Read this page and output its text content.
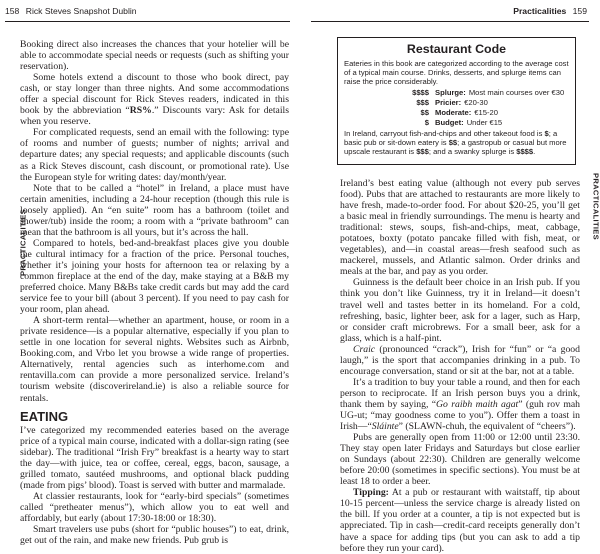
158 Rick Steves Snapshot Dublin	Practicalities 159
PRACTICALITIES
PRACTICALITIES

Booking direct also increases the chances that your hotelier will be able to accommodate special needs or requests (such as shifting your reservation).

Some hotels extend a discount to those who book direct, pay cash, or stay longer than three nights. And some accommodations offer a special discount for Rick Steves readers, indicated in this book by the abbreviation “RS%.” Discounts vary: Ask for details when you reserve.

For complicated requests, send an email with the following: type of rooms and number of guests; number of nights; arrival and departure dates; any special requests; and applicable discounts (such as a Rick Steves discount, cash discount, or promotional rate). Use the European style for writing dates: day/month/year.

Note that to be called a “hotel” in Ireland, a place must have certain amenities, including a 24-hour reception (though this rule is loosely applied). An “en suite” room has a bathroom (toilet and shower/tub) inside the room; a room with a “private bathroom” can mean that the bathroom is all yours, but it’s across the hall.

Compared to hotels, bed-and-breakfast places give you double the cultural intimacy for a fraction of the price. Personal touches, whether it’s joining your hosts for afternoon tea or relaxing by a common fireplace at the end of the day, make staying at a B&B my preferred choice. Many B&Bs take credit cards but may add the card service fee to your bill (about 3 percent). If you need to pay cash for your room, plan ahead.

A short-term rental—whether an apartment, house, or room in a private residence—is a popular alternative, especially if you plan to settle in one location for several nights. Websites such as Airbnb, Booking.com, and Vrbo let you browse a wide range of properties. Alternatively, rental agencies such as interhome.com and rentavilla.com can provide a more personalized service. Ireland’s tourism website (discoverireland.ie) is also a reliable source for rentals.

EATING

I’ve categorized my recommended eateries based on the average price of a typical main course, indicated with a dollar-sign rating (see sidebar). The traditional “Irish Fry” breakfast is a hearty way to start the day—with juice, tea or coffee, cereal, eggs, bacon, sausage, a grilled tomato, sautéed mushrooms, and optional black pudding (made from pigs’ blood). Toast is served with butter and marmalade.

At classier restaurants, look for “early-bird specials” (sometimes called “pretheater menus”), which allow you to eat well and affordably, but early (about 17:30-18:00 or 18:30).

Smart travelers use pubs (short for “public houses”) to eat, drink, get out of the rain, and make new friends. Pub grub is

Restaurant Code

Eateries in this book are categorized according to the average cost of a typical main course. Drinks, desserts, and splurge items can raise the price considerably.

$$$$ Splurge: Most main courses over €30
$$$ Pricier: €20-30
$$ Moderate: €15-20
$ Budget: Under €15

In Ireland, carryout fish-and-chips and other takeout food is $; a basic pub or sit-down eatery is $$; a gastropub or casual but more upscale restaurant is $$$; and a swanky splurge is $$$$.

Ireland’s best eating value (although not every pub serves food). Pubs that are attached to restaurants are more likely to have fresh, made-to-order food. For about $20-25, you’ll get a basic meal in friendly surroundings. The menu is hearty and traditional: stews, soups, fish-and-chips, meat, cabbage, potatoes, boxty (potato pancake filled with fish, meat, or vegetables), and—in coastal areas—fresh seafood such as mackerel, mussels, and Atlantic salmon. Order drinks and meals at the bar, and pay as you order.

Guinness is the default beer choice in an Irish pub. If you think you don’t like Guinness, try it in Ireland—it doesn’t travel well and tastes better in its homeland. For a cold, refreshing, basic, lighter beer, ask for a lager, such as Harp, or consider craft microbrews. For a small beer, ask for a glass, which is a half-pint.

Craic (pronounced “crack”), Irish for “fun” or “a good laugh,” is the sport that accompanies drinking in a pub. To encourage conversation, stand or sit at the bar, not at a table.

It’s a tradition to buy your table a round, and then for each person to reciprocate. If an Irish person buys you a drink, thank them by saying, “Go raibh maith agat” (guh rov mah UG-ut; “may goodness come to you”). Offer them a toast in Irish—“Sláinte” (SLAWN-chuh, the equivalent of “cheers”).

Pubs are generally open from 11:00 or 12:00 until 23:30. They stay open later Fridays and Saturdays but close earlier on Sundays (about 22:30). Children are generally welcome before 20:00 (sometimes in specific sections). You must be at least 18 to order a beer.

Tipping: At a pub or restaurant with waitstaff, tip about 10-15 percent—unless the service charge is already listed on the bill. If you order at a counter, a tip is not expected but is appreciated. Tip in cash—credit-card receipts generally don’t have a space for adding tips (but you can ask to add a tip before they run your card).
